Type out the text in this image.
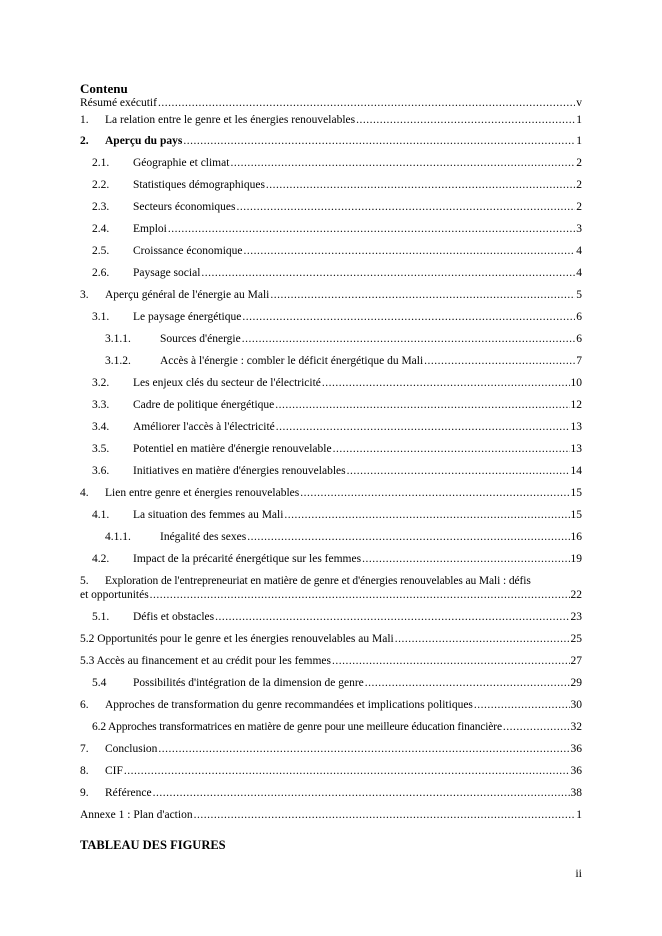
Contenu
Résumé exécutif .....	v
1.	La relation entre le genre et les énergies renouvelables .....	1
2.	Aperçu du pays .....	1
2.1.	Géographie et climat .....	2
2.2.	Statistiques démographiques .....	2
2.3.	Secteurs économiques .....	2
2.4.	Emploi .....	3
2.5.	Croissance économique .....	4
2.6.	Paysage social .....	4
3.	Aperçu général de l'énergie au Mali .....	5
3.1.	Le paysage énergétique .....	6
3.1.1.	Sources d'énergie .....	6
3.1.2.	Accès à l'énergie : combler le déficit énergétique du Mali .....	7
3.2.	Les enjeux clés du secteur de l'électricité .....	10
3.3.	Cadre de politique énergétique .....	12
3.4.	Améliorer l'accès à l'électricité .....	13
3.5.	Potentiel en matière d'énergie renouvelable .....	13
3.6.	Initiatives en matière d'énergies renouvelables .....	14
4.	Lien entre genre et énergies renouvelables .....	15
4.1.	La situation des femmes au Mali .....	15
4.1.1.	Inégalité des sexes .....	16
4.2.	Impact de la précarité énergétique sur les femmes .....	19
5. Exploration de l'entrepreneuriat en matière de genre et d'énergies renouvelables au Mali : défis
et opportunités .....	22
5.1.	Défis et obstacles .....	23
5.2 Opportunités pour le genre et les énergies renouvelables au Mali .....	25
5.3 Accès au financement et au crédit pour les femmes .....	27
5.4	Possibilités d'intégration de la dimension de genre .....	29
6.	Approches de transformation du genre recommandées et implications politiques .....	30
6.2 Approches transformatrices en matière de genre pour une meilleure éducation financière .....	32
7.	Conclusion .....	36
8.	CIF .....	36
9.	Référence .....	38
Annexe 1 : Plan d'action .....	1
TABLEAU DES FIGURES
ii
